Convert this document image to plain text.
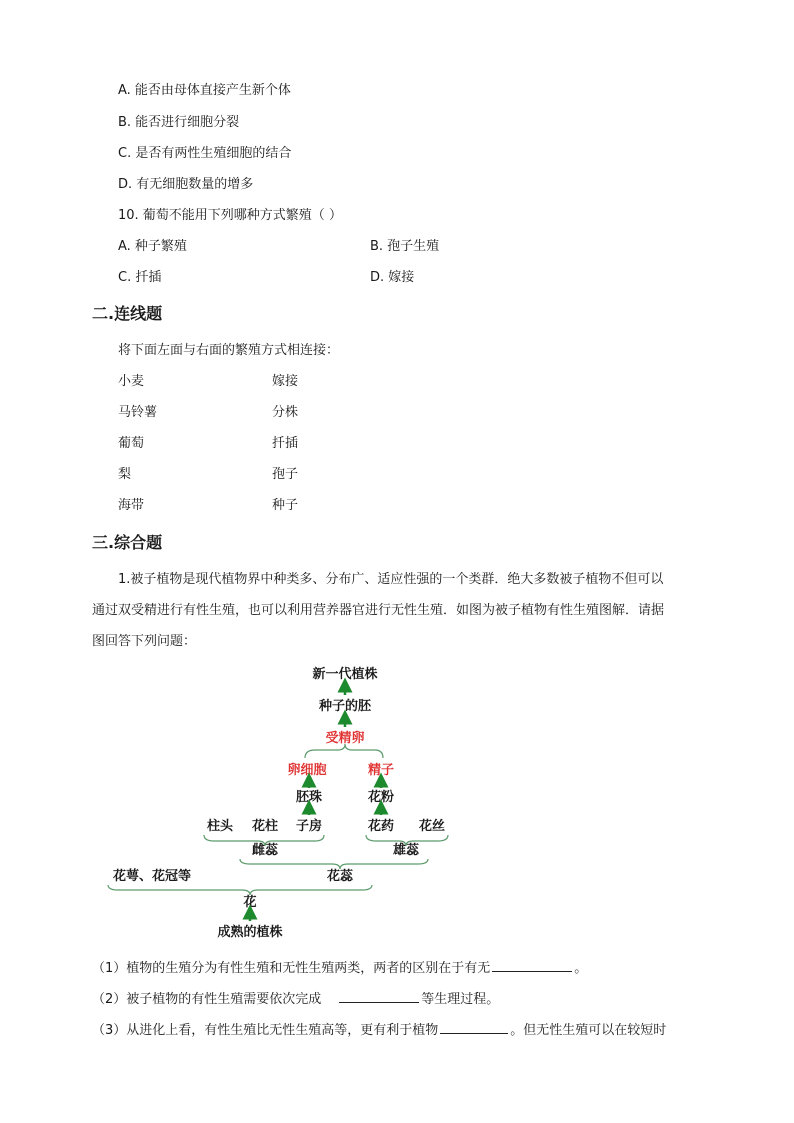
A. 能否由母体直接产生新个体
B. 能否进行细胞分裂
C. 是否有两性生殖细胞的结合
D. 有无细胞数量的增多
10. 葡萄不能用下列哪种方式繁殖（ ）
A. 种子繁殖	B. 孢子生殖
C. 扦插	D. 嫁接
二.连线题
将下面左面与右面的繁殖方式相连接：
小麦	嫁接
马铃薯	分株
葡萄	扦插
梨	孢子
海带	种子
三.综合题
1.被子植物是现代植物界中种类多、分布广、适应性强的一个类群．绝大多数被子植物不但可以
通过双受精进行有性生殖，也可以利用营养器官进行无性生殖．如图为被子植物有性生殖图解．请据
图回答下列问题：
新一代植株
种子的胚
受精卵
卵细胞	精子
胚珠	花粉
柱头 花柱 子房	花药 花丝
雌蕊	雄蕊
花萼、花冠等	花蕊
花
成熟的植株
（1）植物的生殖分为有性生殖和无性生殖两类，两者的区别在于有无	。
（2）被子植物的有性生殖需要依次完成	等生理过程。
（3）从进化上看，有性生殖比无性生殖高等，更有利于植物	。但无性生殖可以在较短时
